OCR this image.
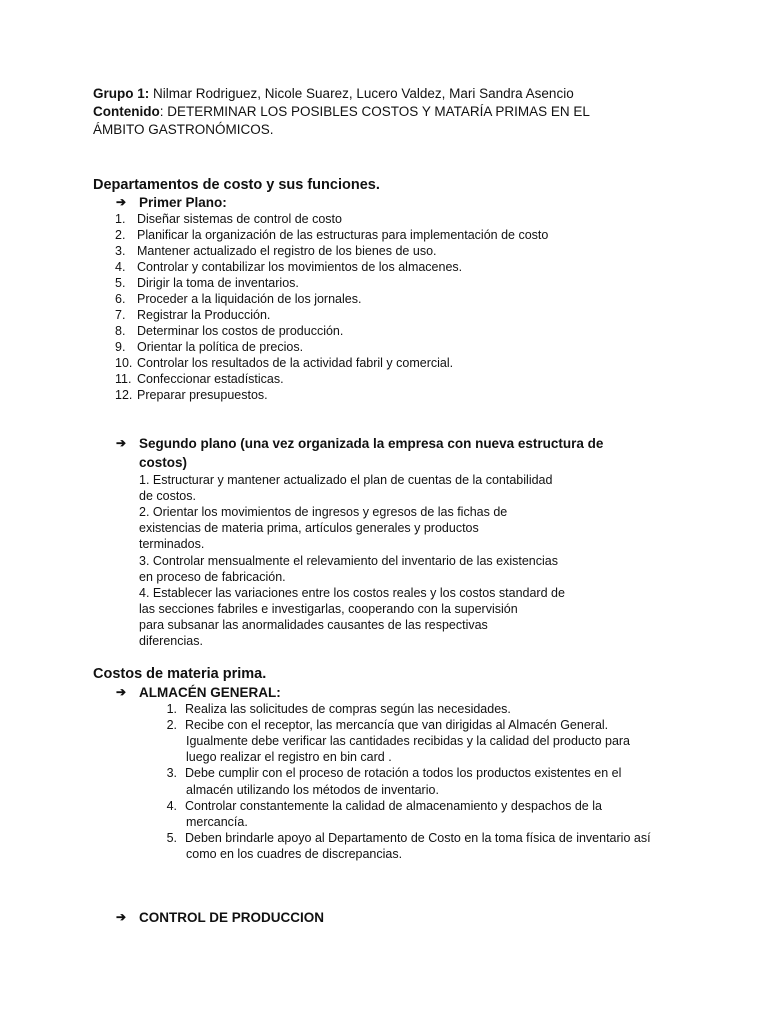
Grupo 1: Nilmar Rodriguez, Nicole Suarez, Lucero Valdez, Mari Sandra Asencio
Contenido: DETERMINAR LOS POSIBLES COSTOS Y MATARÍA PRIMAS EN EL
ÁMBITO GASTRONÓMICOS.
Departamentos de costo y sus funciones.
➔ Primer Plano:
1. Diseñar sistemas de control de costo
2. Planificar la organización de las estructuras para implementación de costo
3. Mantener actualizado el registro de los bienes de uso.
4. Controlar y contabilizar los movimientos de los almacenes.
5. Dirigir la toma de inventarios.
6. Proceder a la liquidación de los jornales.
7. Registrar la Producción.
8. Determinar los costos de producción.
9. Orientar la política de precios.
10. Controlar los resultados de la actividad fabril y comercial.
11. Confeccionar estadísticas.
12. Preparar presupuestos.
➔ Segundo plano (una vez organizada la empresa con nueva estructura de
costos)
1. Estructurar y mantener actualizado el plan de cuentas de la contabilidad
de costos.
2. Orientar los movimientos de ingresos y egresos de las fichas de
existencias de materia prima, artículos generales y productos
terminados.
3. Controlar mensualmente el relevamiento del inventario de las existencias
en proceso de fabricación.
4. Establecer las variaciones entre los costos reales y los costos standard de
las secciones fabriles e investigarlas, cooperando con la supervisión
para subsanar las anormalidades causantes de las respectivas
diferencias.
Costos de materia prima.
➔ ALMACÉN GENERAL:
1. Realiza las solicitudes de compras según las necesidades.
2. Recibe con el receptor, las mercancía que van dirigidas al Almacén General.
Igualmente debe verificar las cantidades recibidas y la calidad del producto para
luego realizar el registro en bin card .
3. Debe cumplir con el proceso de rotación a todos los productos existentes en el
almacén utilizando los métodos de inventario.
4. Controlar constantemente la calidad de almacenamiento y despachos de la
mercancía.
5. Deben brindarle apoyo al Departamento de Costo en la toma física de inventario así
como en los cuadres de discrepancias.
➔ CONTROL DE PRODUCCION
